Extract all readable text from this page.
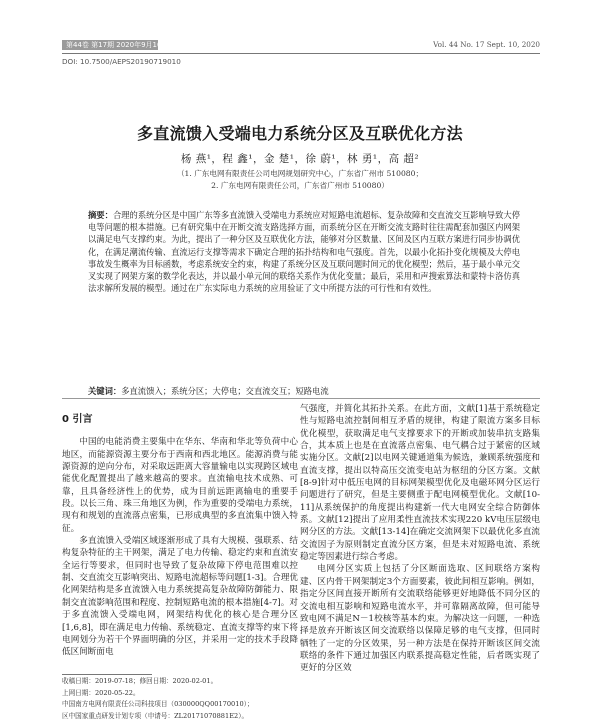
第44卷 第17期 2020年9月10日	Vol. 44 No. 17 Sept. 10, 2020
DOI: 10.7500/AEPS20190719010
多直流馈入受端电力系统分区及互联优化方法
杨 燕¹，程 鑫¹，金 楚¹，徐 蔚¹，林 勇¹，高 超²
（1. 广东电网有限责任公司电网规划研究中心，广东省广州市 510080；
2. 广东电网有限责任公司，广东省广州市 510080）
摘要：合理的系统分区是中国广东等多直流馈入受端电力系统应对短路电流超标、复杂故障和交直流交互影响导致大停电等问题的根本措施。已有研究集中在开断交流支路选择方面，而系统分区在开断交流支路时往往需配套加强区内网架以满足电气支撑约束。为此，提出了一种分区及互联优化方法，能够对分区数量、区间及区内互联方案进行同步协调优化，在满足潮流传输、直流运行支撑等需求下确定合理的拓扑结构和电气强度。首先，以最小化拓扑变化规模及大停电事故发生概率为目标函数，考虑系统安全约束，构建了系统分区及互联问题时间元的优化模型；然后，基于最小单元交叉实现了网架方案的数学化表达，并以最小单元间的联络关系作为优化变量；最后，采用和声搜索算法和蒙特卡洛仿真法求解所发展的模型。通过在广东实际电力系统的应用验证了文中所提方法的可行性和有效性。
关键词：多直流馈入；系统分区；大停电；交直流交互；短路电流

0 引言

中国的电能消费主要集中在华东、华南和华北等负荷中心地区，而能源资源主要分布于西南和西北地区。能源消费与能源资源的逆向分布，对采取远距离大容量输电以实现跨区域电能优化配置提出了越来越高的要求。直流输电技术成熟、可靠，且具备经济性上的优势，成为目前远距离输电的重要手段。以长三角、珠三角地区为例，作为重要的受端电力系统，现有和规划的直流落点密集，已形成典型的多直流集中馈入特征。

多直流馈入受端区域逐渐形成了具有大规模、强联系、结构复杂特征的主干网架，满足了电力传输、稳定约束和直流安全运行等要求，但同时也导致了复杂故障下停电范围难以控制、交直流交互影响突出、短路电流超标等问题[1-3]。合理优化网架结构是多直流馈入电力系统提高复杂故障防御能力、限制交直流影响范围和程度、控制短路电流的根本措施[4-7]。对于多直流馈入受端电网，网架结构优化的核心是合理分区[1,6,8]，即在满足电力传输、系统稳定、直流支撑等约束下将电网划分为若干个界面明确的分区，并采用一定的技术手段降低区间断面电

气强度，并简化其拓扑关系。在此方面，文献[1]基于系统稳定性与短路电流控制间相互矛盾的规律，构建了限流方案多目标优化模型，获取满足电气支撑要求下的开断或加装串抗支路集合，其本质上也是在直流落点密集、电气耦合过于紧密的区域实施分区。文献[2]以电网关键通道集为候选，兼顾系统强度和直流支撑，提出以特高压交流变电站为枢纽的分区方案。文献[8-9]针对中低压电网的目标网架模型优化及电磁环网分区运行问题进行了研究，但是主要侧重于配电网模型优化。文献[10-11]从系统保护的角度提出构建新一代大电网安全综合防御体系。文献[12]提出了应用柔性直流技术实现220 kV电压层级电网分区的方法。文献[13-14]在确定交流网架下以最优化多直流交流因子为原则制定直流分区方案，但是未对短路电流、系统稳定等因素进行综合考虑。

电网分区实质上包括了分区断面选取、区间联络方案构建、区内骨干网架制定3个方面要素，彼此间相互影响。例如，指定分区间直接开断所有交流联络能够更好地降低不同分区的交流电相互影响和短路电流水平，并可靠隔离故障，但可能导致电网不满足N－1校核等基本约束。为解决这一问题，一种选择是放弃开断该区间交流联络以保障足够的电气支撑，但同时牺牲了一定的分区效果，另一种方法是在保持开断该区间交流联络的条件下通过加强区内联系提高稳定性能，后者既实现了更好的分区效

收稿日期：2019-07-18；修回日期：2020-02-01。
上网日期：2020-05-22。
中国南方电网有限责任公司科技项目（030000QQ00170010）；
区中国家重点研发计划专项（申请号：ZL20171070881E2）。
